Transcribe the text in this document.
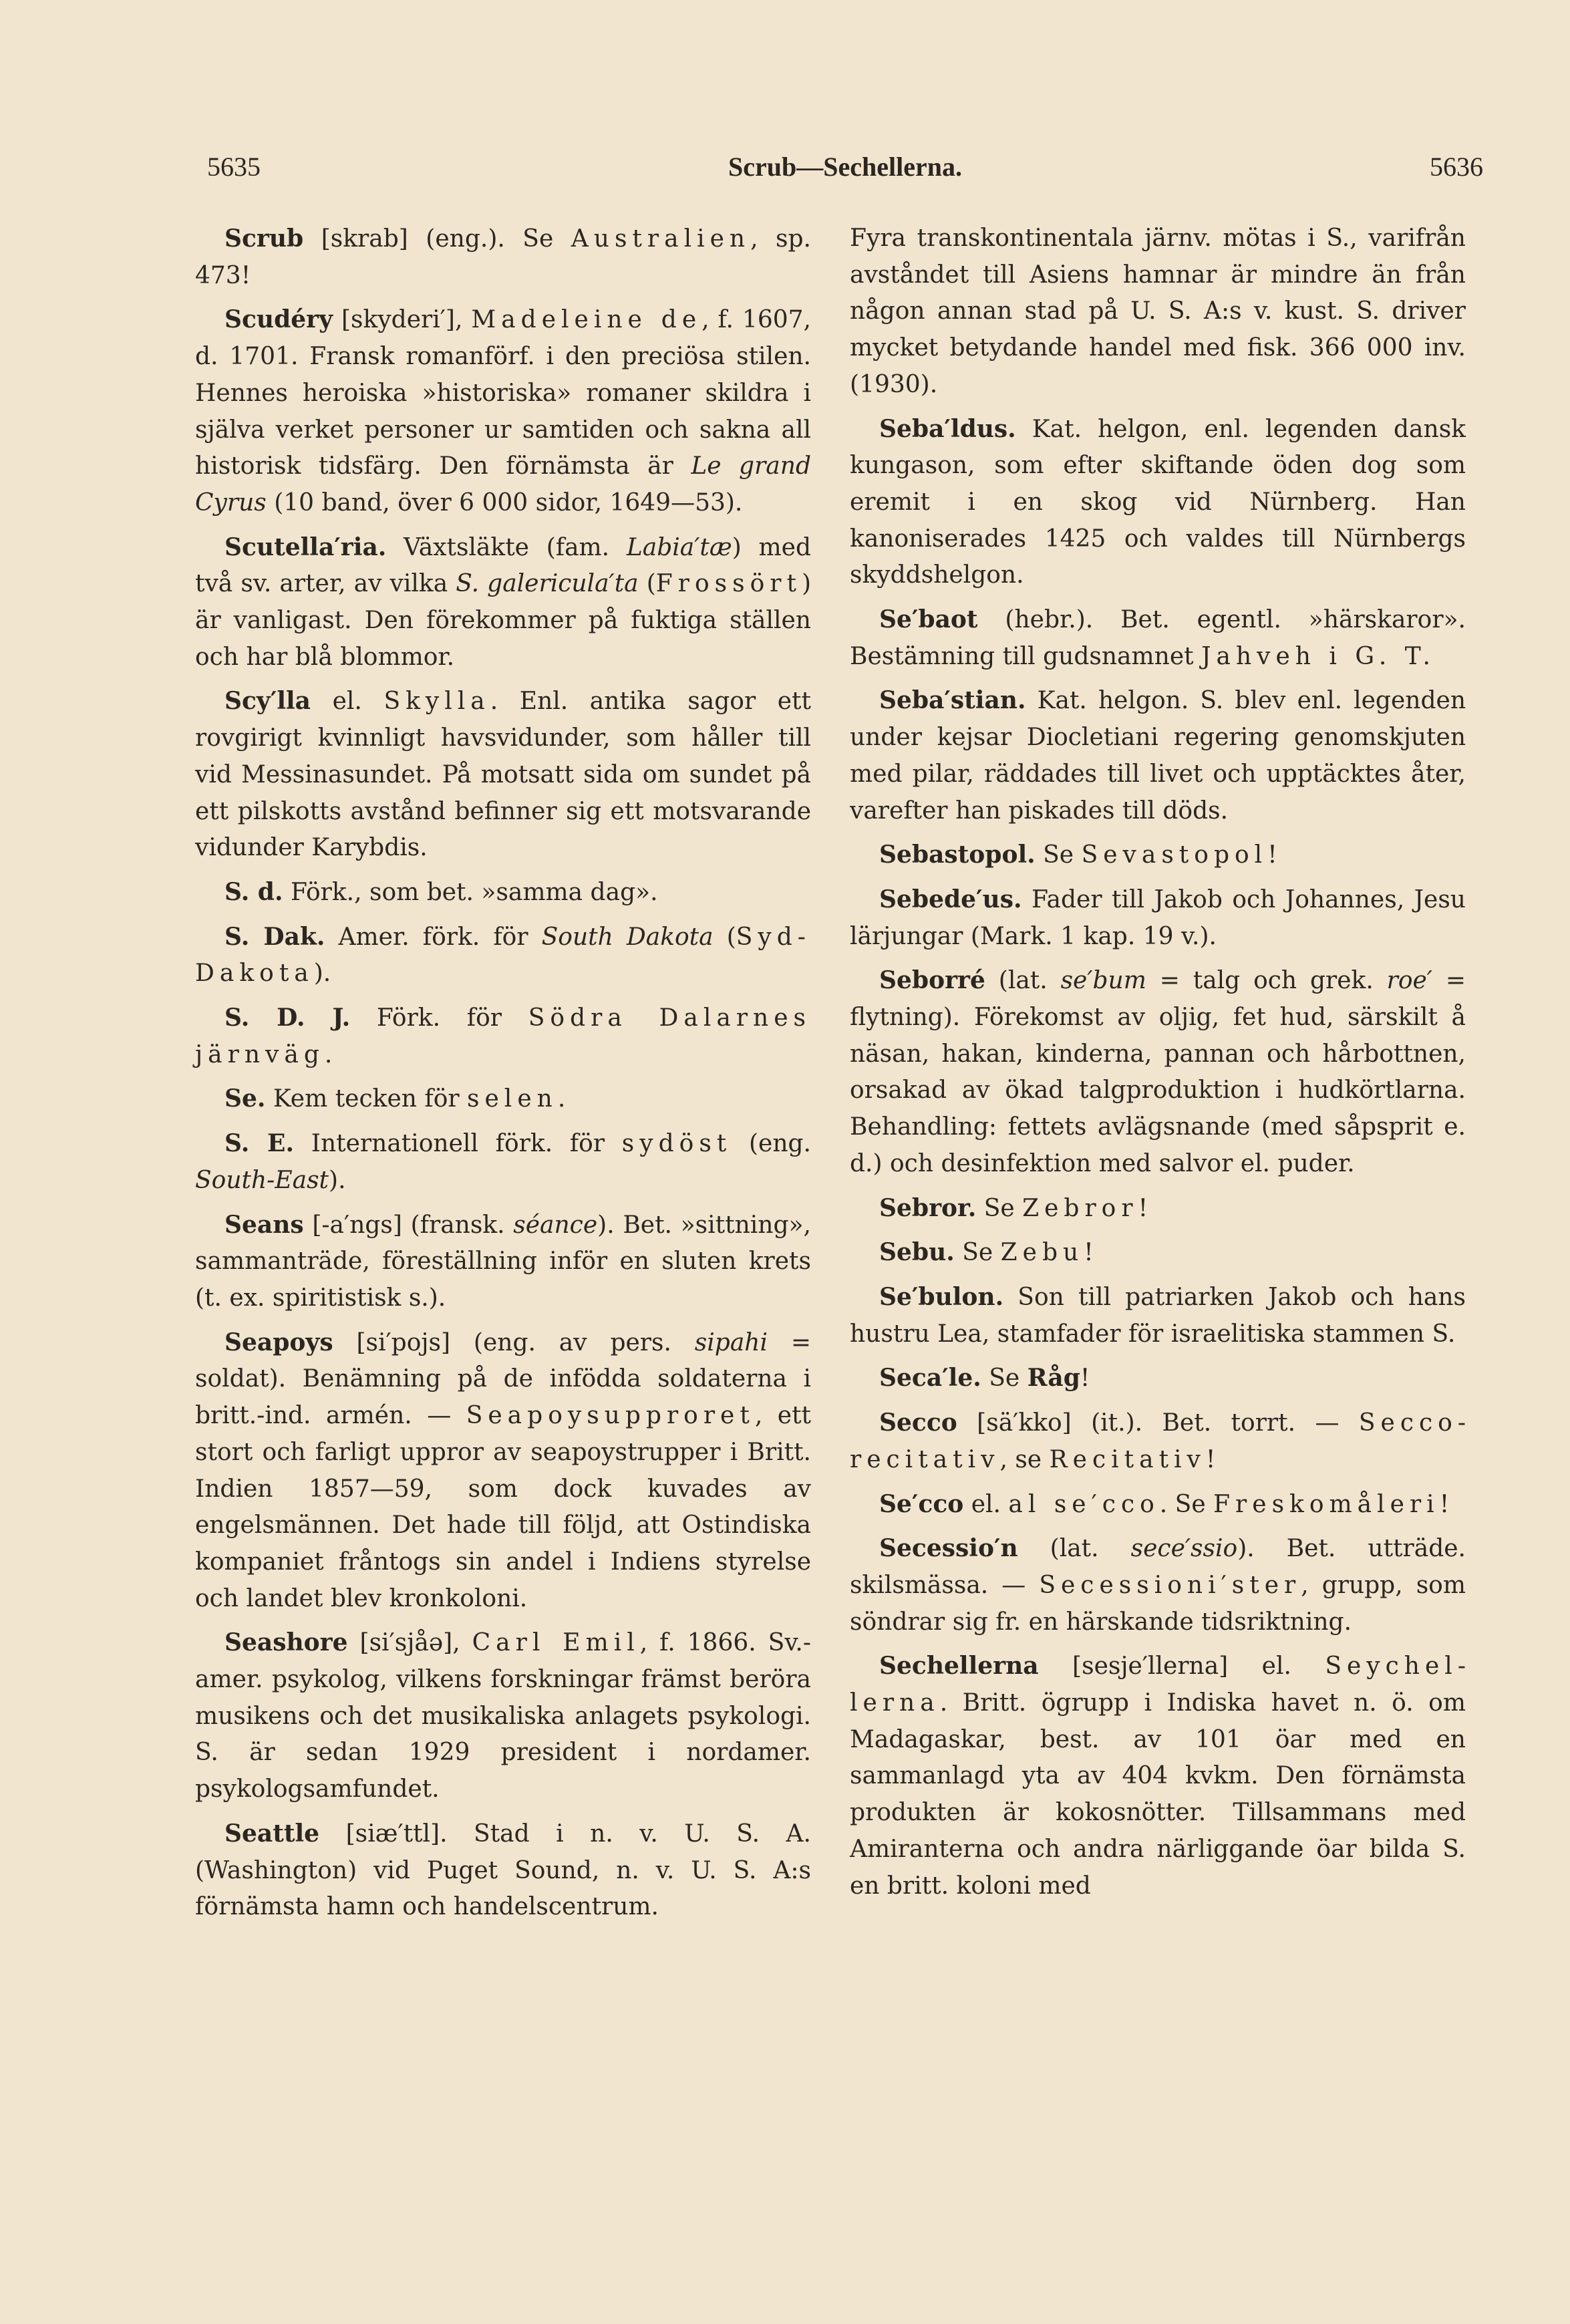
5635	Scrub—Sechellerna.	5636

Scrub [skrab] (eng.). Se Australien, sp. 473!

Scudéry [skyderi′], Madeleine de, f. 1607, d. 1701. Fransk romanförf. i den preciösa stilen. Hennes heroiska »historiska» romaner skildra i själva verket personer ur samtiden och sakna all historisk tidsfärg. Den förnämsta är Le grand Cyrus (10 band, över 6 000 sidor, 1649—53).

Scutella′ria. Växtsläkte (fam. Labia′tæ) med två sv. arter, av vilka S. galericula′ta (Frossört) är vanligast. Den förekommer på fuktiga ställen och har blå blommor.

Scy′lla el. Skylla. Enl. antika sagor ett rovgirigt kvinnligt havsvidunder, som håller till vid Messinasundet. På motsatt sida om sundet på ett pilskotts avstånd befinner sig ett motsvarande vidunder Karybdis.

S. d. Förk., som bet. »samma dag».

S. Dak. Amer. förk. för South Dakota (Syd-Dakota).

S. D. J. Förk. för Södra Dalarnes järnväg.

Se. Kem tecken för selen.

S. E. Internationell förk. för sydöst (eng. South-East).

Seans [-a′ngs] (fransk. séance). Bet. »sittning», sammanträde, föreställning inför en sluten krets (t. ex. spiritistisk s.).

Seapoys [si′pojs] (eng. av pers. sipahi = soldat). Benämning på de infödda soldaterna i britt.-ind. armén. — Seapoysupproret, ett stort och farligt uppror av seapoystrupper i Britt. Indien 1857—59, som dock kuvades av engelsmännen. Det hade till följd, att Ostindiska kompaniet fråntogs sin andel i Indiens styrelse och landet blev kronkoloni.

Seashore [si′sjåə], Carl Emil, f. 1866. Sv.-amer. psykolog, vilkens forskningar främst beröra musikens och det musikaliska anlagets psykologi. S. är sedan 1929 president i nordamer. psykologsamfundet.

Seattle [siæ′ttl]. Stad i n. v. U. S. A. (Washington) vid Puget Sound, n. v. U. S. A:s förnämsta hamn och handelscentrum.

Fyra transkontinentala järnv. mötas i S., varifrån avståndet till Asiens hamnar är mindre än från någon annan stad på U. S. A:s v. kust. S. driver mycket betydande handel med fisk. 366 000 inv. (1930).

Seba′ldus. Kat. helgon, enl. legenden dansk kungason, som efter skiftande öden dog som eremit i en skog vid Nürnberg. Han kanoniserades 1425 och valdes till Nürnbergs skyddshelgon.

Se′baot (hebr.). Bet. egentl. »härskaror». Bestämning till gudsnamnet Jahveh i G. T.

Seba′stian. Kat. helgon. S. blev enl. legenden under kejsar Diocletiani regering genomskjuten med pilar, räddades till livet och upptäcktes åter, varefter han piskades till döds.

Sebastopol. Se Sevastopol!

Sebede′us. Fader till Jakob och Johannes, Jesu lärjungar (Mark. 1 kap. 19 v.).

Seborré (lat. se′bum = talg och grek. roe′ = flytning). Förekomst av oljig, fet hud, särskilt å näsan, hakan, kinderna, pannan och hårbottnen, orsakad av ökad talgproduktion i hudkörtlarna. Behandling: fettets avlägsnande (med såpsprit e. d.) och desinfektion med salvor el. puder.

Sebror. Se Zebror!

Sebu. Se Zebu!

Se′bulon. Son till patriarken Jakob och hans hustru Lea, stamfader för israelitiska stammen S.

Seca′le. Se Råg!

Secco [sä′kko] (it.). Bet. torrt. — Seccorecitativ, se Recitativ!

Se′cco el. al se′cco. Se Freskomåleri!

Secessio′n (lat. sece′ssio). Bet. utträde. skilsmässa. — Secessioni′ster, grupp, som söndrar sig fr. en härskande tidsriktning.

Sechellerna [sesje′llerna] el. Seychellerna. Britt. ögrupp i Indiska havet n. ö. om Madagaskar, best. av 101 öar med en sammanlagd yta av 404 kvkm. Den förnämsta produkten är kokosnötter. Tillsammans med Amiranterna och andra närliggande öar bilda S. en britt. koloni med
